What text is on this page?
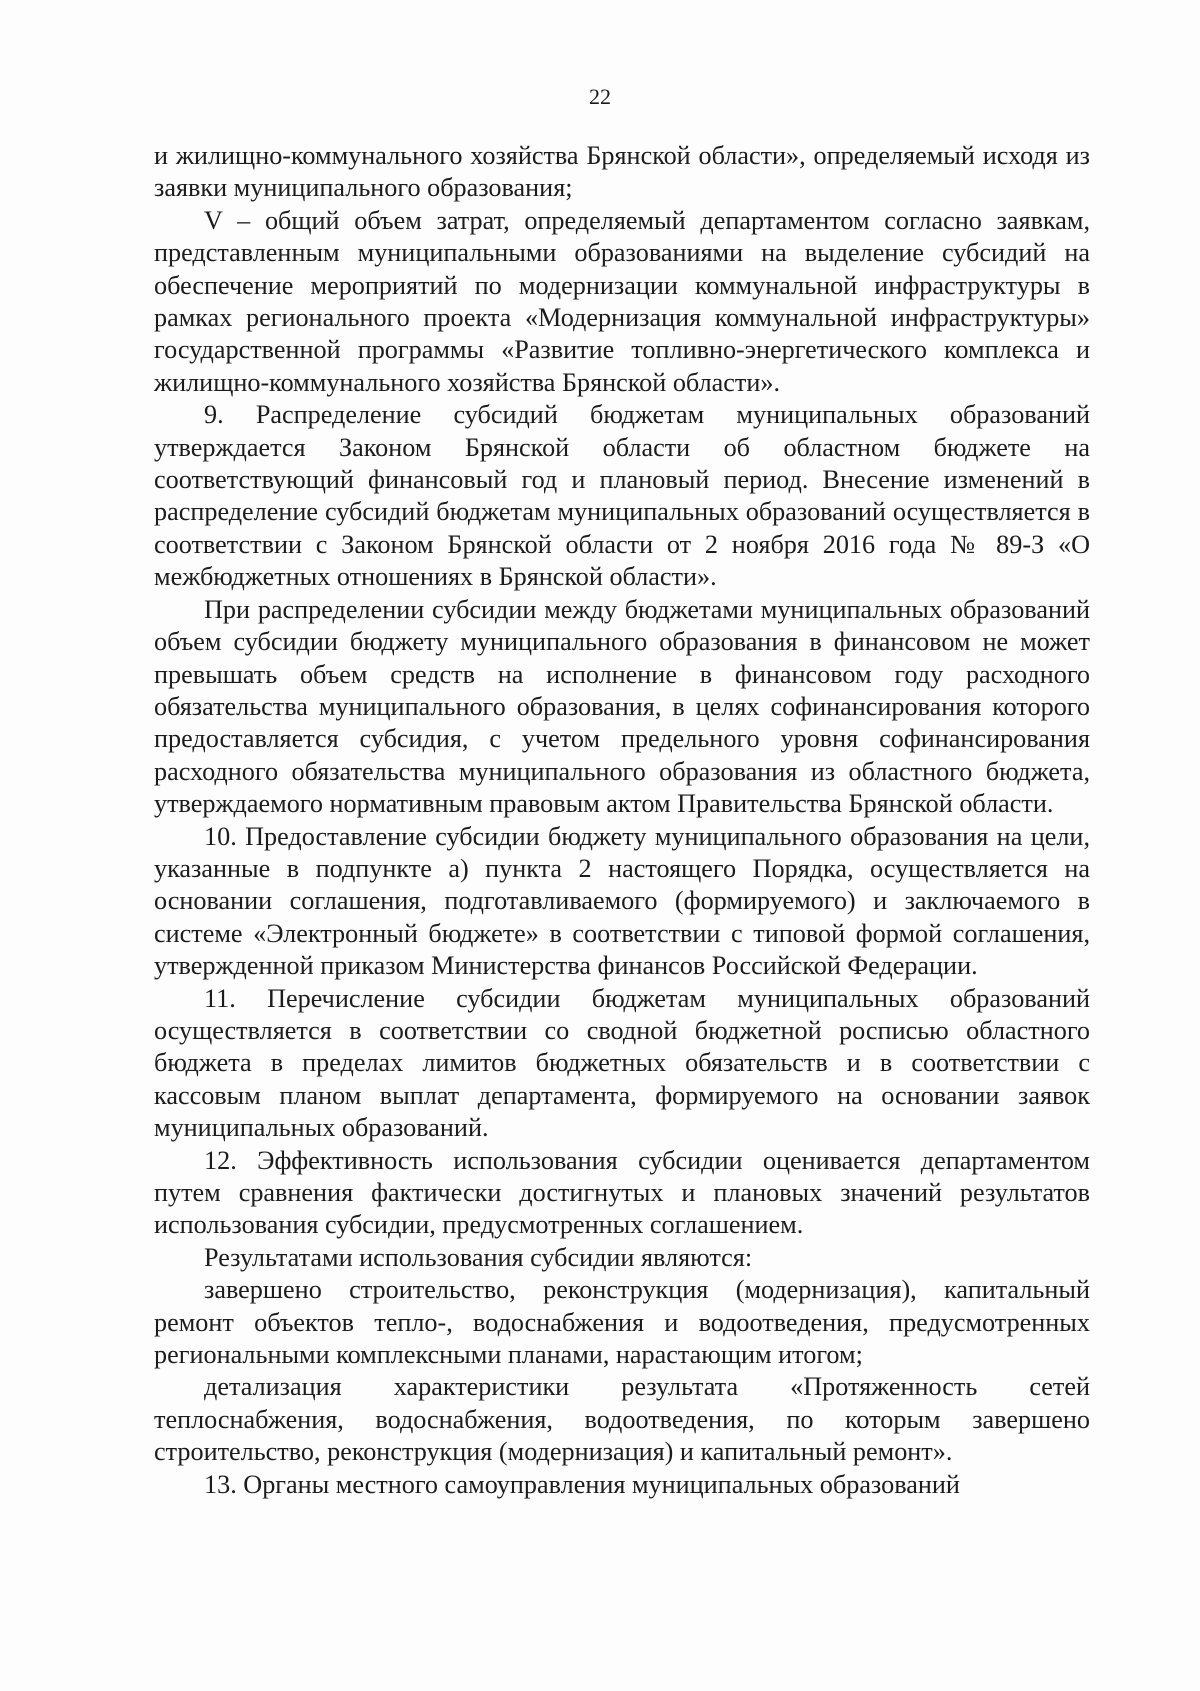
22

и жилищно-коммунального хозяйства Брянской области», определяемый исходя из заявки муниципального образования;

V – общий объем затрат, определяемый департаментом согласно заявкам, представленным муниципальными образованиями на выделение субсидий на обеспечение мероприятий по модернизации коммунальной инфраструктуры в рамках регионального проекта «Модернизация коммунальной инфраструктуры» государственной программы «Развитие топливно-энергетического комплекса и жилищно-коммунального хозяйства Брянской области».

9. Распределение субсидий бюджетам муниципальных образований утверждается Законом Брянской области об областном бюджете на соответствующий финансовый год и плановый период. Внесение изменений в распределение субсидий бюджетам муниципальных образований осуществляется в соответствии с Законом Брянской области от 2 ноября 2016 года № 89-З «О межбюджетных отношениях в Брянской области».

При распределении субсидии между бюджетами муниципальных образований объем субсидии бюджету муниципального образования в финансовом не может превышать объем средств на исполнение в финансовом году расходного обязательства муниципального образования, в целях софинансирования которого предоставляется субсидия, с учетом предельного уровня софинансирования расходного обязательства муниципального образования из областного бюджета, утверждаемого нормативным правовым актом Правительства Брянской области.

10. Предоставление субсидии бюджету муниципального образования на цели, указанные в подпункте а) пункта 2 настоящего Порядка, осуществляется на основании соглашения, подготавливаемого (формируемого) и заключаемого в системе «Электронный бюджете» в соответствии с типовой формой соглашения, утвержденной приказом Министерства финансов Российской Федерации.

11. Перечисление субсидии бюджетам муниципальных образований осуществляется в соответствии со сводной бюджетной росписью областного бюджета в пределах лимитов бюджетных обязательств и в соответствии с кассовым планом выплат департамента, формируемого на основании заявок муниципальных образований.

12. Эффективность использования субсидии оценивается департаментом путем сравнения фактически достигнутых и плановых значений результатов использования субсидии, предусмотренных соглашением.

Результатами использования субсидии являются:

завершено строительство, реконструкция (модернизация), капитальный ремонт объектов тепло-, водоснабжения и водоотведения, предусмотренных региональными комплексными планами, нарастающим итогом;

детализация характеристики результата «Протяженность сетей теплоснабжения, водоснабжения, водоотведения, по которым завершено строительство, реконструкция (модернизация) и капитальный ремонт».

13. Органы местного самоуправления муниципальных образований
